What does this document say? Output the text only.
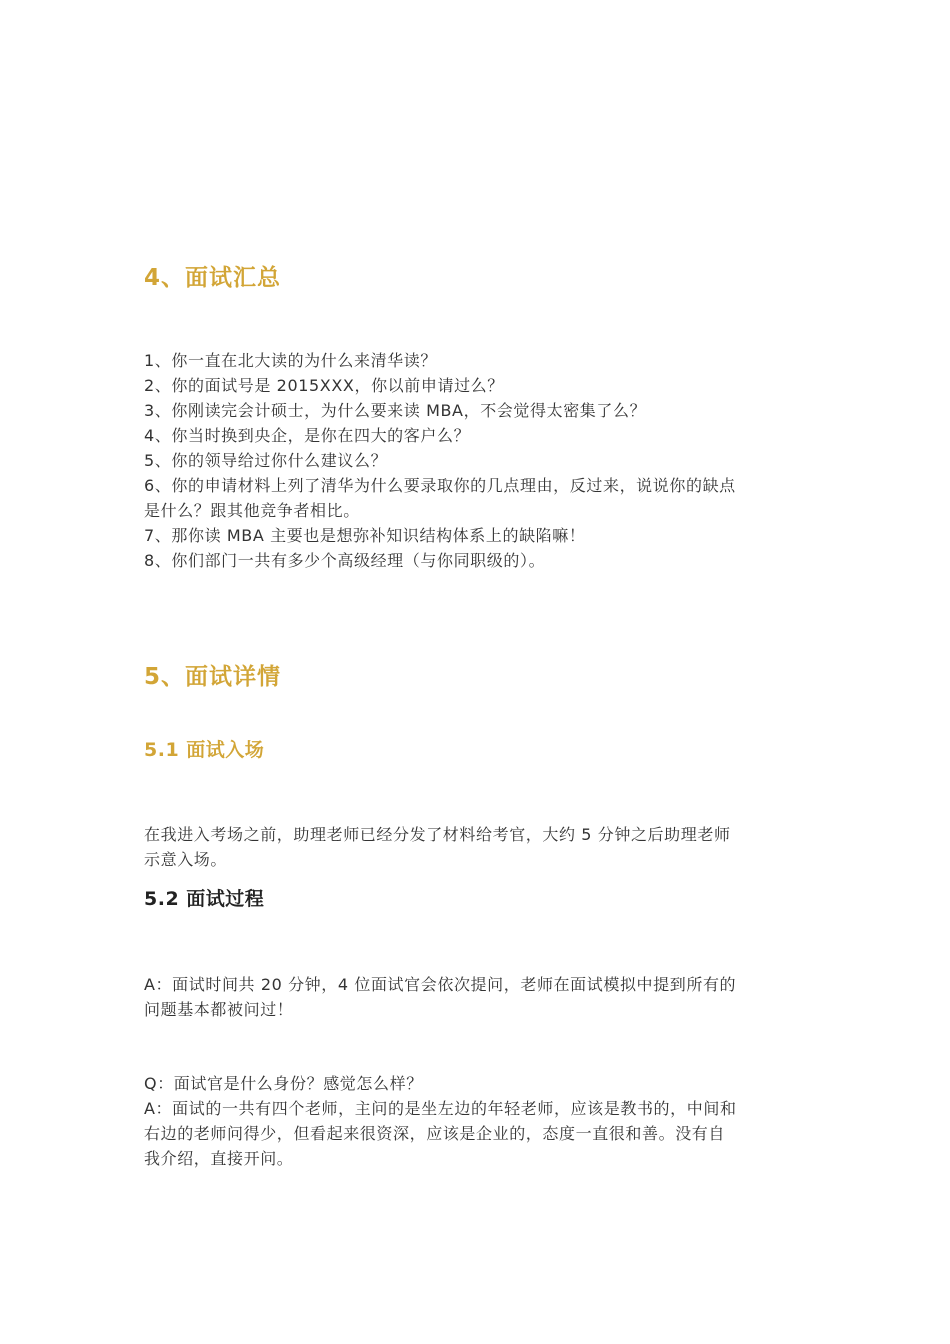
4、面试汇总
1、你一直在北大读的为什么来清华读？
2、你的面试号是 2015XXX，你以前申请过么？
3、你刚读完会计硕士，为什么要来读 MBA，不会觉得太密集了么？
4、你当时换到央企，是你在四大的客户么？
5、你的领导给过你什么建议么？
6、你的申请材料上列了清华为什么要录取你的几点理由，反过来，说说你的缺点
是什么？跟其他竞争者相比。
7、那你读 MBA 主要也是想弥补知识结构体系上的缺陷嘛！
8、你们部门一共有多少个高级经理（与你同职级的）。
5、面试详情
5.1 面试入场

在我进入考场之前，助理老师已经分发了材料给考官，大约 5 分钟之后助理老师
示意入场。

5.2 面试过程

A：面试时间共 20 分钟，4 位面试官会依次提问，老师在面试模拟中提到所有的
问题基本都被问过！

Q：面试官是什么身份？感觉怎么样？
A：面试的一共有四个老师，主问的是坐左边的年轻老师，应该是教书的，中间和
右边的老师问得少，但看起来很资深，应该是企业的，态度一直很和善。没有自
我介绍，直接开问。
